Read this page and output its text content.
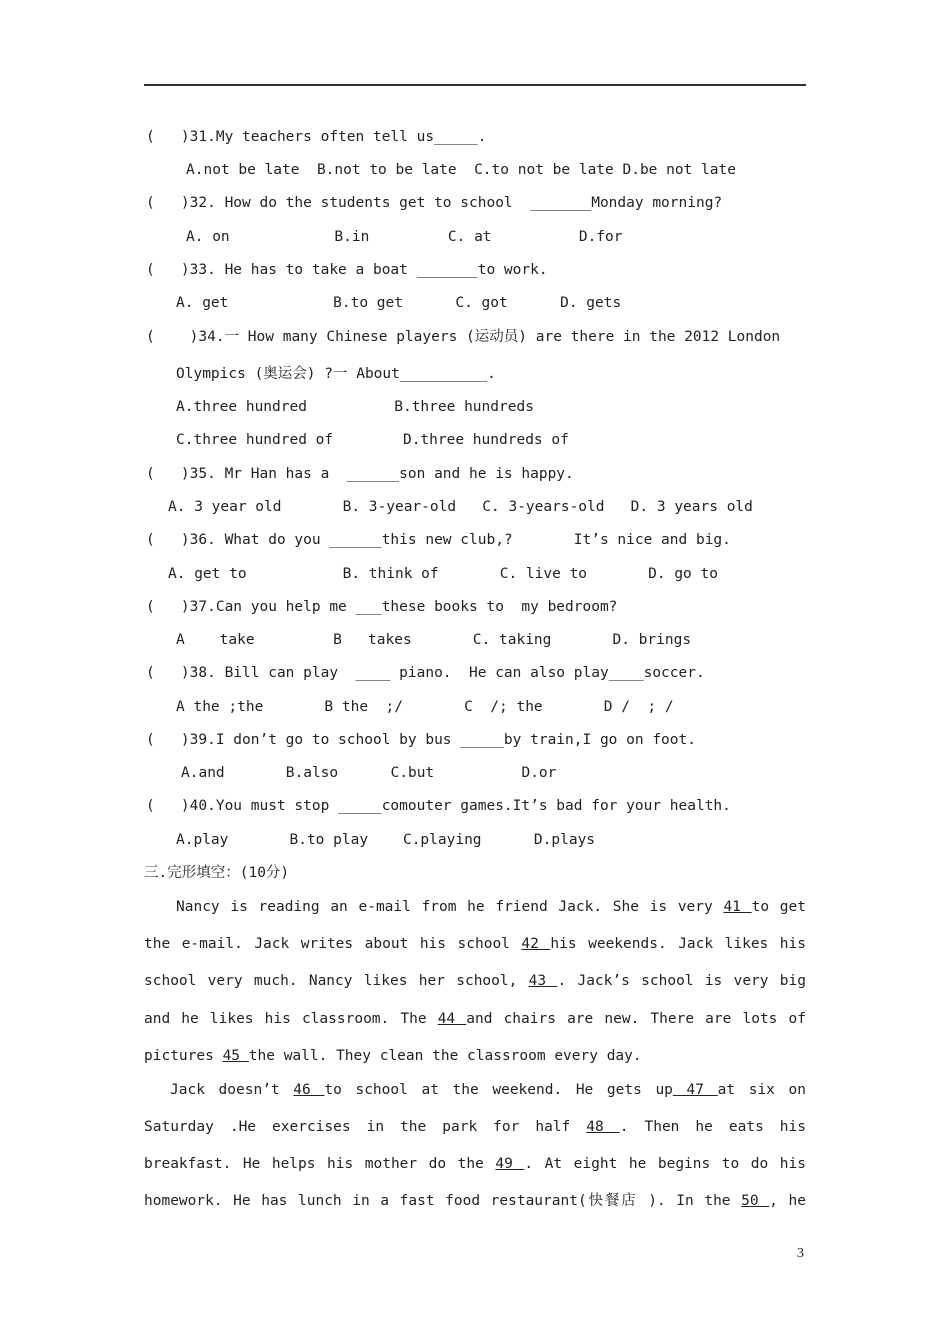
(   )31.My teachers often tell us_____.
A.not be late  B.not to be late  C.to not be late D.be not late
(   )32. How do the students get to school  _______Monday morning?
A. on            B.in         C. at          D.for
(   )33. He has to take a boat _______to work.
A. get            B.to get      C. got      D. gets
(    )34.一 How many Chinese players (运动员) are there in the 2012 London
Olympics (奥运会) ?一 About__________.
A.three hundred          B.three hundreds
C.three hundred of        D.three hundreds of
(   )35. Mr Han has a  ______son and he is happy.
A. 3 year old       B. 3-year-old   C. 3-years-old   D. 3 years old
(   )36. What do you ______this new club,?       It’s nice and big.
A. get to           B. think of       C. live to       D. go to
(   )37.Can you help me ___these books to  my bedroom?
A    take         B   takes       C. taking       D. brings
(   )38. Bill can play  ____ piano.  He can also play____soccer.
A the ;the       B the  ;/       C  /; the       D /  ; /
(   )39.I don’t go to school by bus _____by train,I go on foot.
A.and       B.also      C.but          D.or
(   )40.You must stop _____comouter games.It’s bad for your health.
A.play       B.to play    C.playing      D.plays
三.完形填空：(10分)
Nancy is reading an e-mail from he friend Jack. She is very 41 to get
the e-mail. Jack writes about his school 42 his weekends. Jack likes his
school very much. Nancy likes her school, 43 . Jack’s school is very big
and he likes his classroom. The 44 and chairs are new. There are lots of
pictures 45 the wall. They clean the classroom every day.
Jack doesn’t 46 to school at the weekend. He gets up 47 at six on
Saturday .He exercises in the park for half 48 . Then he eats his
breakfast. He helps his mother do the 49 . At eight he begins to do his
homework. He has lunch in a fast food restaurant(快餐店 ). In the 50 , he
3
